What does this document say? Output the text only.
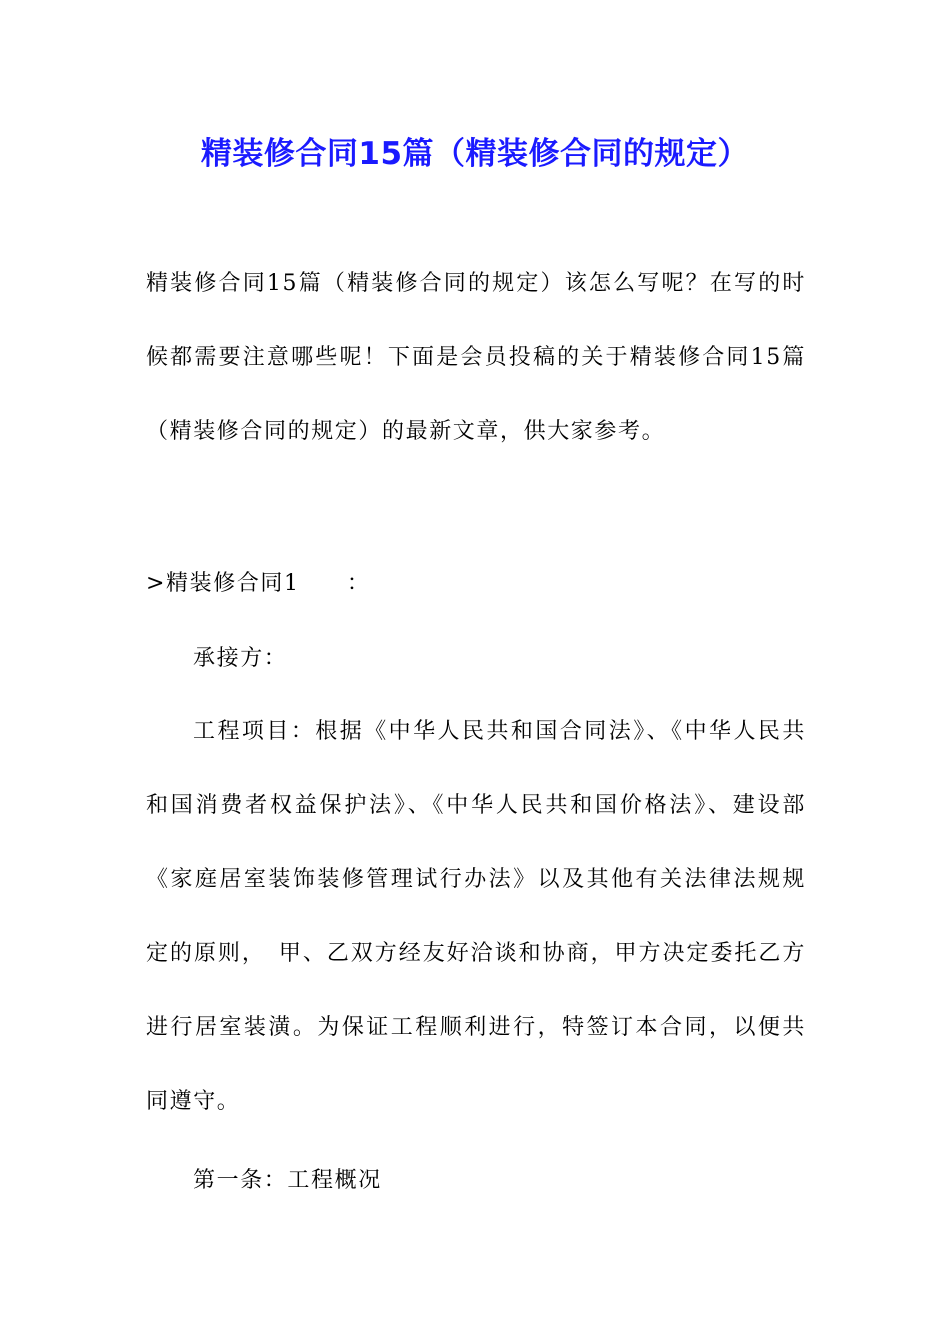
精装修合同15篇（精装修合同的规定）

精装修合同15篇（精装修合同的规定）该怎么写呢？在写的时候都需要注意哪些呢！下面是会员投稿的关于精装修合同15篇（精装修合同的规定）的最新文章，供大家参考。

>精装修合同1　　：

承接方：

工程项目：根据《中华人民共和国合同法》、《中华人民共和国消费者权益保护法》、《中华人民共和国价格法》、建设部《家庭居室装饰装修管理试行办法》以及其他有关法律法规规定的原则，　甲、乙双方经友好洽谈和协商，甲方决定委托乙方进行居室装潢。为保证工程顺利进行，特签订本合同，以便共同遵守。

第一条：工程概况
